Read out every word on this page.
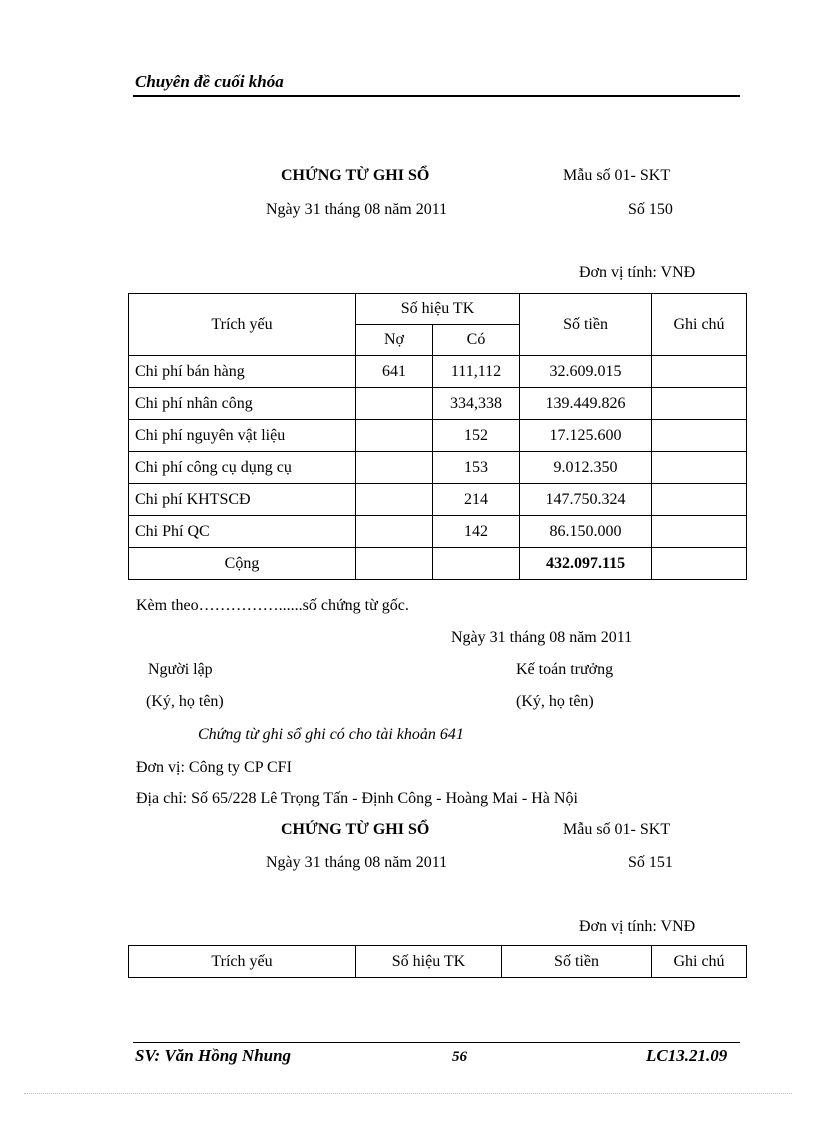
Chuyên đề cuối khóa
CHỨNG TỪ GHI SỔ	Mẫu số 01- SKT
Ngày 31 tháng 08 năm 2011	Số 150
Đơn vị tính: VNĐ
Trích yếu	Số hiệu TK		Số tiền	Ghi chú
	Nợ	Có		
Chi phí bán hàng	641	111,112	32.609.015	
Chi phí nhân công		334,338	139.449.826	
Chi phí nguyên vật liệu		152	17.125.600	
Chi phí công cụ dụng cụ		153	9.012.350	
Chi phí KHTSCĐ		214	147.750.324	
Chi Phí QC		142	86.150.000	
Cộng			432.097.115	
Kèm theo……………......số chứng từ gốc.
Ngày 31 tháng 08 năm 2011
Người lập	Kế toán trưởng
(Ký, họ tên)	(Ký, họ tên)
Chứng từ ghi sổ ghi có cho tài khoản 641
Đơn vị: Công ty CP CFI
Địa chỉ: Số 65/228 Lê Trọng Tấn - Định Công - Hoàng Mai - Hà Nội
CHỨNG TỪ GHI SỔ	Mẫu số 01- SKT
Ngày 31 tháng 08 năm 2011	Số 151
Đơn vị tính: VNĐ
Trích yếu	Số hiệu TK	Số tiền	Ghi chú
SV: Văn Hồng Nhung	56	LC13.21.09
